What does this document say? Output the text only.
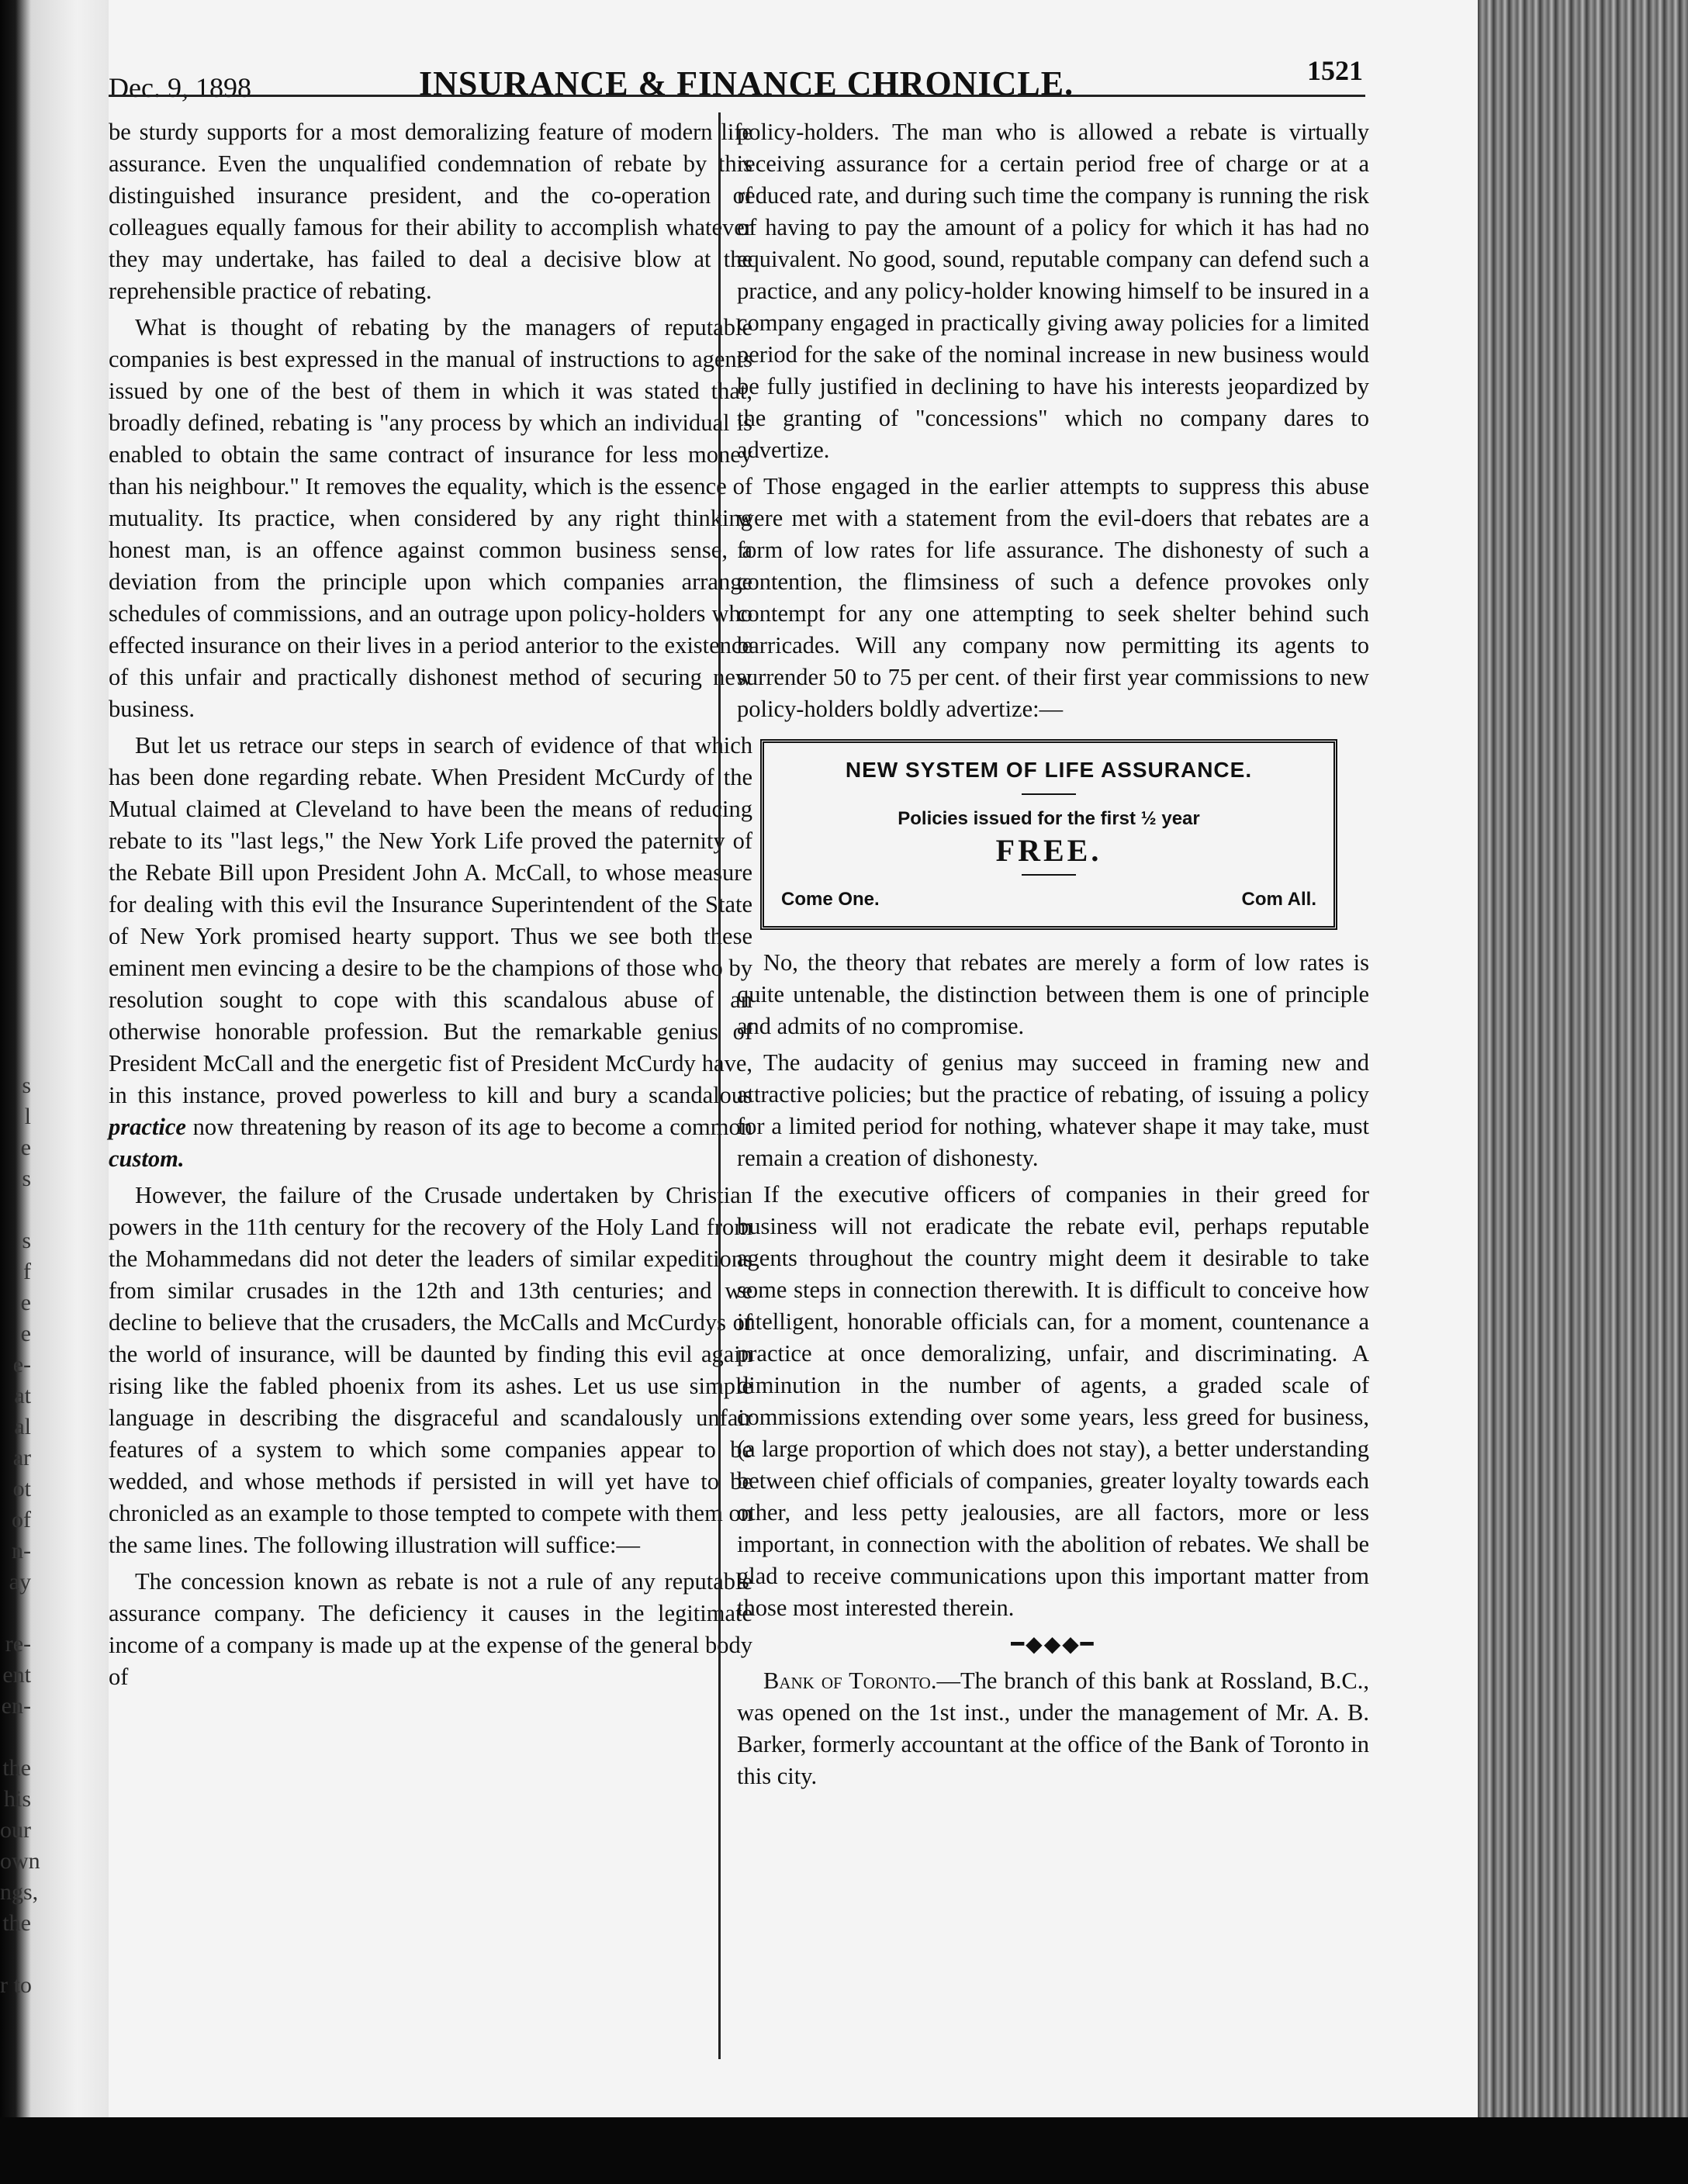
s
l
e
s
s
f
e
e
e-
at
al
ar
ot
of
n-
ay
re-
ent
en-
the
his
our
own
ngs,
the
r to
Dec. 9, 1898	INSURANCE & FINANCE CHRONICLE.	1521

be sturdy supports for a most demoralizing feature of modern life assurance. Even the unqualified condemnation of rebate by this distinguished insurance president, and the co-operation of colleagues equally famous for their ability to accomplish whatever they may undertake, has failed to deal a decisive blow at the reprehensible practice of rebating.

What is thought of rebating by the managers of reputable companies is best expressed in the manual of instructions to agents issued by one of the best of them in which it was stated that, broadly defined, rebating is "any process by which an individual is enabled to obtain the same contract of insurance for less money than his neighbour." It removes the equality, which is the essence of mutuality. Its practice, when considered by any right thinking honest man, is an offence against common business sense, a deviation from the principle upon which companies arrange schedules of commissions, and an outrage upon policy-holders who effected insurance on their lives in a period anterior to the existence of this unfair and practically dishonest method of securing new business.

But let us retrace our steps in search of evidence of that which has been done regarding rebate. When President McCurdy of the Mutual claimed at Cleveland to have been the means of reducing rebate to its "last legs," the New York Life proved the paternity of the Rebate Bill upon President John A. McCall, to whose measure for dealing with this evil the Insurance Superintendent of the State of New York promised hearty support. Thus we see both these eminent men evincing a desire to be the champions of those who by resolution sought to cope with this scandalous abuse of an otherwise honorable profession. But the remarkable genius of President McCall and the energetic fist of President McCurdy have, in this instance, proved powerless to kill and bury a scandalous practice now threatening by reason of its age to become a common custom.

However, the failure of the Crusade undertaken by Christian powers in the 11th century for the recovery of the Holy Land from the Mohammedans did not deter the leaders of similar expeditions from similar crusades in the 12th and 13th centuries; and we decline to believe that the crusaders, the McCalls and McCurdys of the world of insurance, will be daunted by finding this evil again rising like the fabled phoenix from its ashes. Let us use simple language in describing the disgraceful and scandalously unfair features of a system to which some companies appear to be wedded, and whose methods if persisted in will yet have to be chronicled as an example to those tempted to compete with them on the same lines. The following illustration will suffice:—

The concession known as rebate is not a rule of any reputable assurance company. The deficiency it causes in the legitimate income of a company is made up at the expense of the general body of

policy-holders. The man who is allowed a rebate is virtually receiving assurance for a certain period free of charge or at a reduced rate, and during such time the company is running the risk of having to pay the amount of a policy for which it has had no equivalent. No good, sound, reputable company can defend such a practice, and any policy-holder knowing himself to be insured in a company engaged in practically giving away policies for a limited period for the sake of the nominal increase in new business would be fully justified in declining to have his interests jeopardized by the granting of "concessions" which no company dares to advertize.

Those engaged in the earlier attempts to suppress this abuse were met with a statement from the evil-doers that rebates are a form of low rates for life assurance. The dishonesty of such a contention, the flimsiness of such a defence provokes only contempt for any one attempting to seek shelter behind such barricades. Will any company now permitting its agents to surrender 50 to 75 per cent. of their first year commissions to new policy-holders boldly advertize:—

NEW SYSTEM OF LIFE ASSURANCE.
Policies issued for the first ½ year
FREE.
Come One.	Com All.

No, the theory that rebates are merely a form of low rates is quite untenable, the distinction between them is one of principle and admits of no compromise.

The audacity of genius may succeed in framing new and attractive policies; but the practice of rebating, of issuing a policy for a limited period for nothing, whatever shape it may take, must remain a creation of dishonesty.

If the executive officers of companies in their greed for business will not eradicate the rebate evil, perhaps reputable agents throughout the country might deem it desirable to take some steps in connection therewith. It is difficult to conceive how intelligent, honorable officials can, for a moment, countenance a practice at once demoralizing, unfair, and discriminating. A diminution in the number of agents, a graded scale of commissions extending over some years, less greed for business, (a large proportion of which does not stay), a better understanding between chief officials of companies, greater loyalty towards each other, and less petty jealousies, are all factors, more or less important, in connection with the abolition of rebates. We shall be glad to receive communications upon this important matter from those most interested therein.

━◆◆◆━

Bank of Toronto.—The branch of this bank at Rossland, B.C., was opened on the 1st inst., under the management of Mr. A. B. Barker, formerly accountant at the office of the Bank of Toronto in this city.
